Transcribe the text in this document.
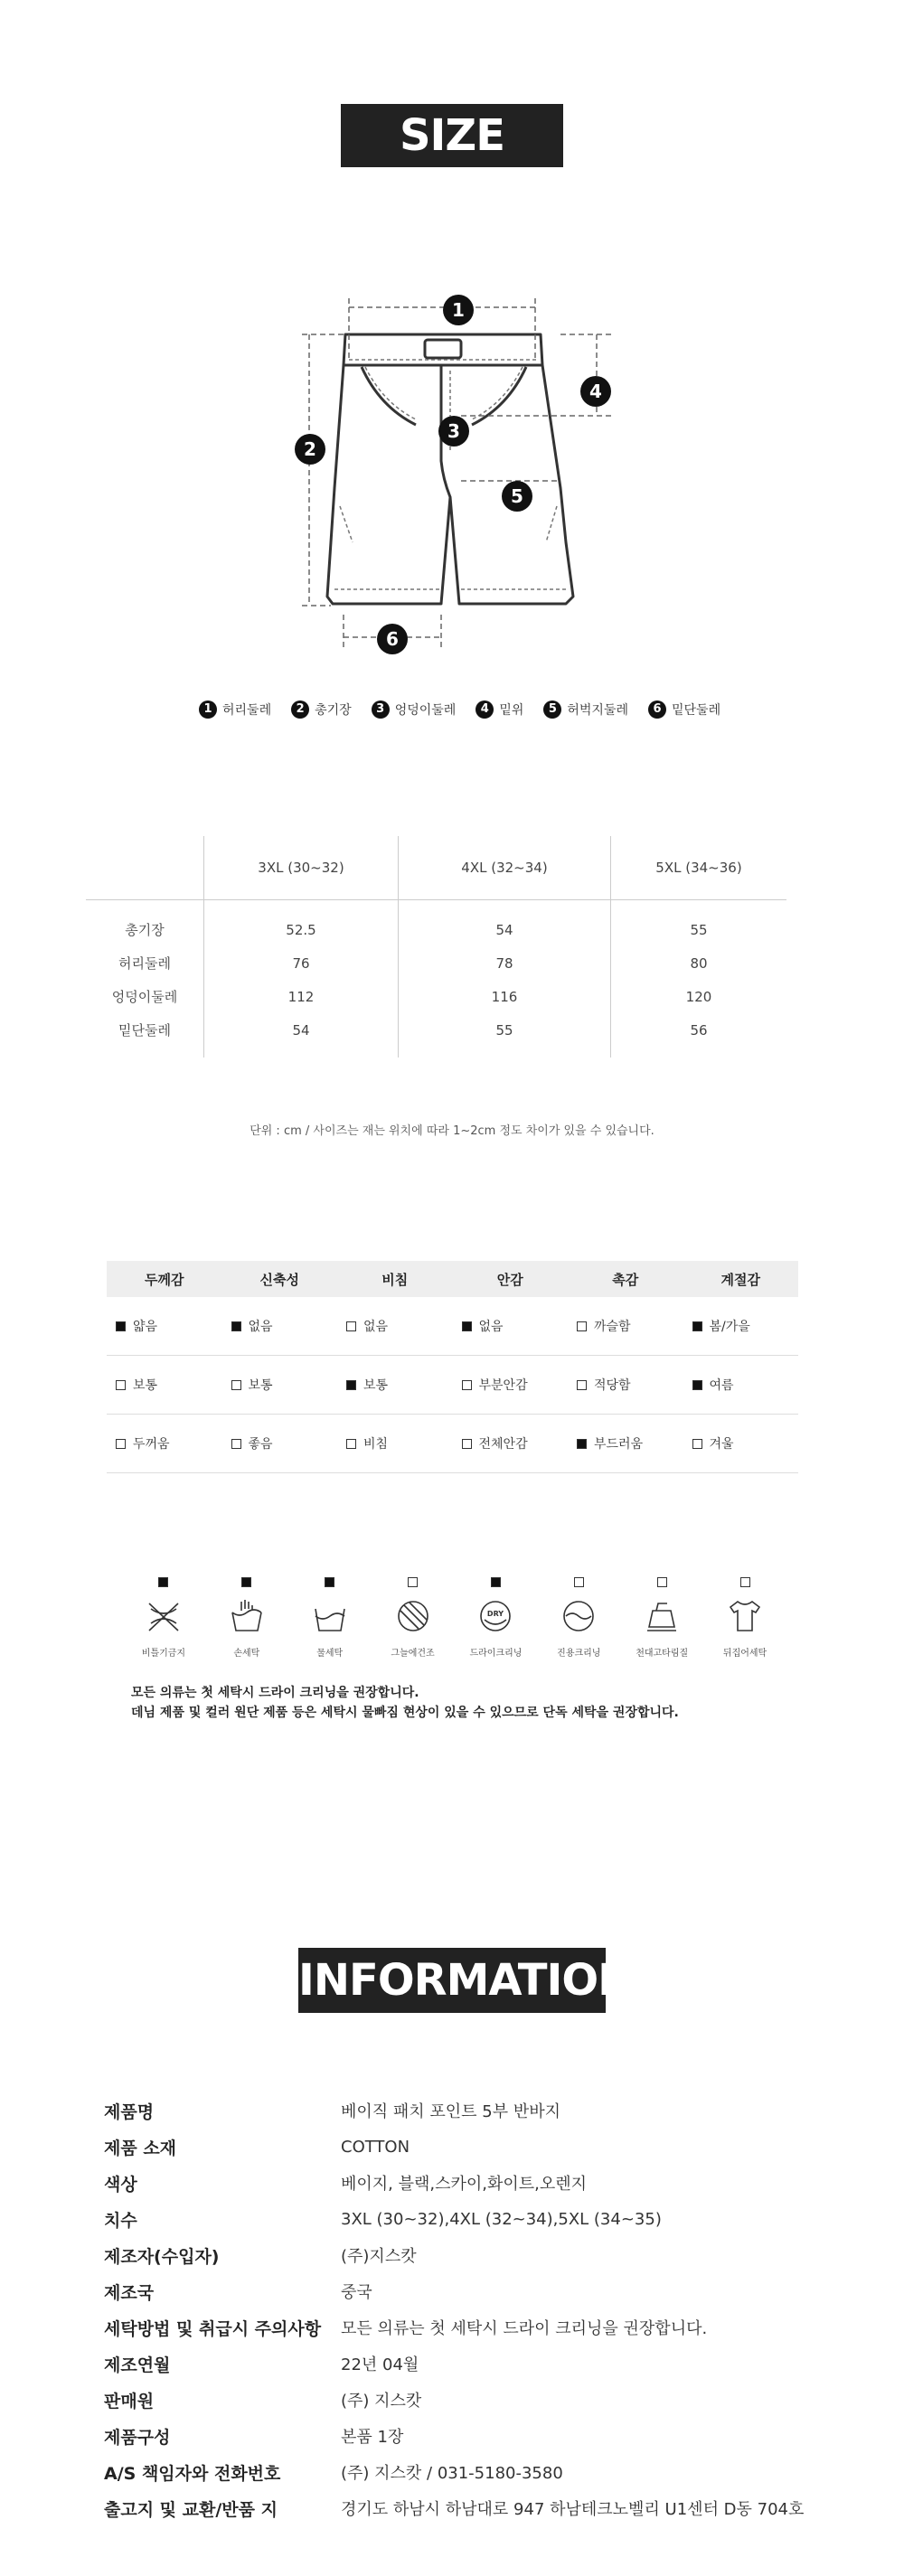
SIZE VIEW
1
2
3
4
5
6
1 허리둘레	2 총기장	3 엉덩이둘레	4 밑위	5 허벅지둘레	6 밑단둘레
3XL (30~32)	4XL (32~34)	5XL (34~36)
총기장	52.5	54	55
허리둘레	76	78	80
엉덩이둘레	112	116	120
밑단둘레	54	55	56
단위 : cm / 사이즈는 재는 위치에 따라 1~2cm 정도 차이가 있을 수 있습니다.
두께감	신축성	비침	안감	촉감	계절감
얇음	없음	없음	없음	까슬함	봄/가을
보통	보통	보통	부분안감	적당함	여름
두꺼움	좋음	비침	전체안감	부드러움	겨울
비틀기금지	손세탁	물세탁	그늘에건조
DRY
드라이크리닝	진용크리닝	천대고타림질	뒤집어세탁
모든 의류는 첫 세탁시 드라이 크리닝을 권장합니다.
데님 제품 및 컬러 원단 제품 등은 세탁시 물빠짐 현상이 있을 수 있으므로 단독 세탁을 권장합니다.
INFORMATION
제품명	베이직 패치 포인트 5부 반바지
제품 소재	COTTON
색상	베이지, 블랙,스카이,화이트,오렌지
치수	3XL (30~32),4XL (32~34),5XL (34~35)
제조자(수입자)	(주)지스캇
제조국	중국
세탁방법 및 취급시 주의사항	모든 의류는 첫 세탁시 드라이 크리닝을 권장합니다.
제조연월	22년 04월
판매원	(주) 지스캇
제품구성	본품 1장
A/S 책임자와 전화번호	(주) 지스캇 / 031-5180-3580
출고지 및 교환/반품 지	경기도 하남시 하남대로 947 하남테크노벨리 U1센터 D동 704호
